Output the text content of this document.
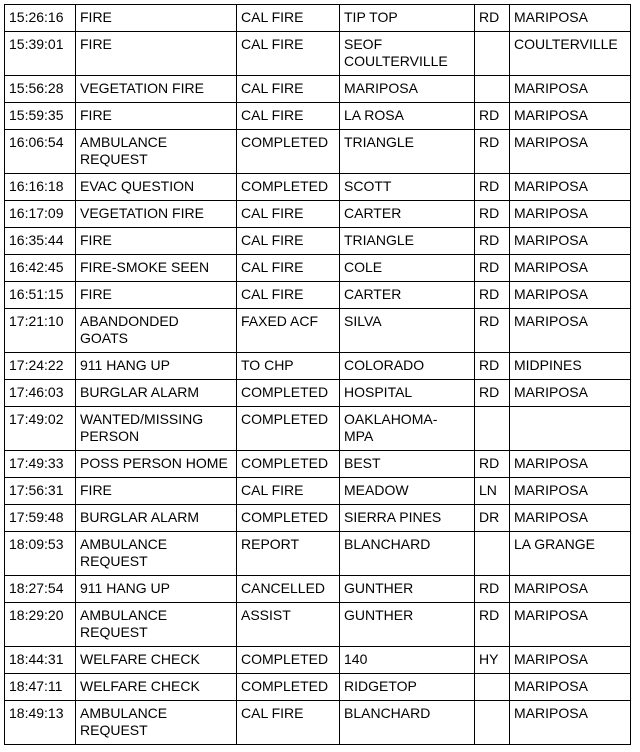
15:26:16	FIRE	CAL FIRE	TIP TOP	RD	MARIPOSA
15:39:01	FIRE	CAL FIRE	SEOF
COULTERVILLE		COULTERVILLE
15:56:28	VEGETATION FIRE	CAL FIRE	MARIPOSA		MARIPOSA
15:59:35	FIRE	CAL FIRE	LA ROSA	RD	MARIPOSA
16:06:54	AMBULANCE
REQUEST	COMPLETED	TRIANGLE	RD	MARIPOSA
16:16:18	EVAC QUESTION	COMPLETED	SCOTT	RD	MARIPOSA
16:17:09	VEGETATION FIRE	CAL FIRE	CARTER	RD	MARIPOSA
16:35:44	FIRE	CAL FIRE	TRIANGLE	RD	MARIPOSA
16:42:45	FIRE-SMOKE SEEN	CAL FIRE	COLE	RD	MARIPOSA
16:51:15	FIRE	CAL FIRE	CARTER	RD	MARIPOSA
17:21:10	ABANDONDED
GOATS	FAXED ACF	SILVA	RD	MARIPOSA
17:24:22	911 HANG UP	TO CHP	COLORADO	RD	MIDPINES
17:46:03	BURGLAR ALARM	COMPLETED	HOSPITAL	RD	MARIPOSA
17:49:02	WANTED/MISSING
PERSON	COMPLETED	OAKLAHOMA-
MPA		
17:49:33	POSS PERSON HOME	COMPLETED	BEST	RD	MARIPOSA
17:56:31	FIRE	CAL FIRE	MEADOW	LN	MARIPOSA
17:59:48	BURGLAR ALARM	COMPLETED	SIERRA PINES	DR	MARIPOSA
18:09:53	AMBULANCE
REQUEST	REPORT	BLANCHARD		LA GRANGE
18:27:54	911 HANG UP	CANCELLED	GUNTHER	RD	MARIPOSA
18:29:20	AMBULANCE
REQUEST	ASSIST	GUNTHER	RD	MARIPOSA
18:44:31	WELFARE CHECK	COMPLETED	140	HY	MARIPOSA
18:47:11	WELFARE CHECK	COMPLETED	RIDGETOP		MARIPOSA
18:49:13	AMBULANCE
REQUEST	CAL FIRE	BLANCHARD		MARIPOSA
